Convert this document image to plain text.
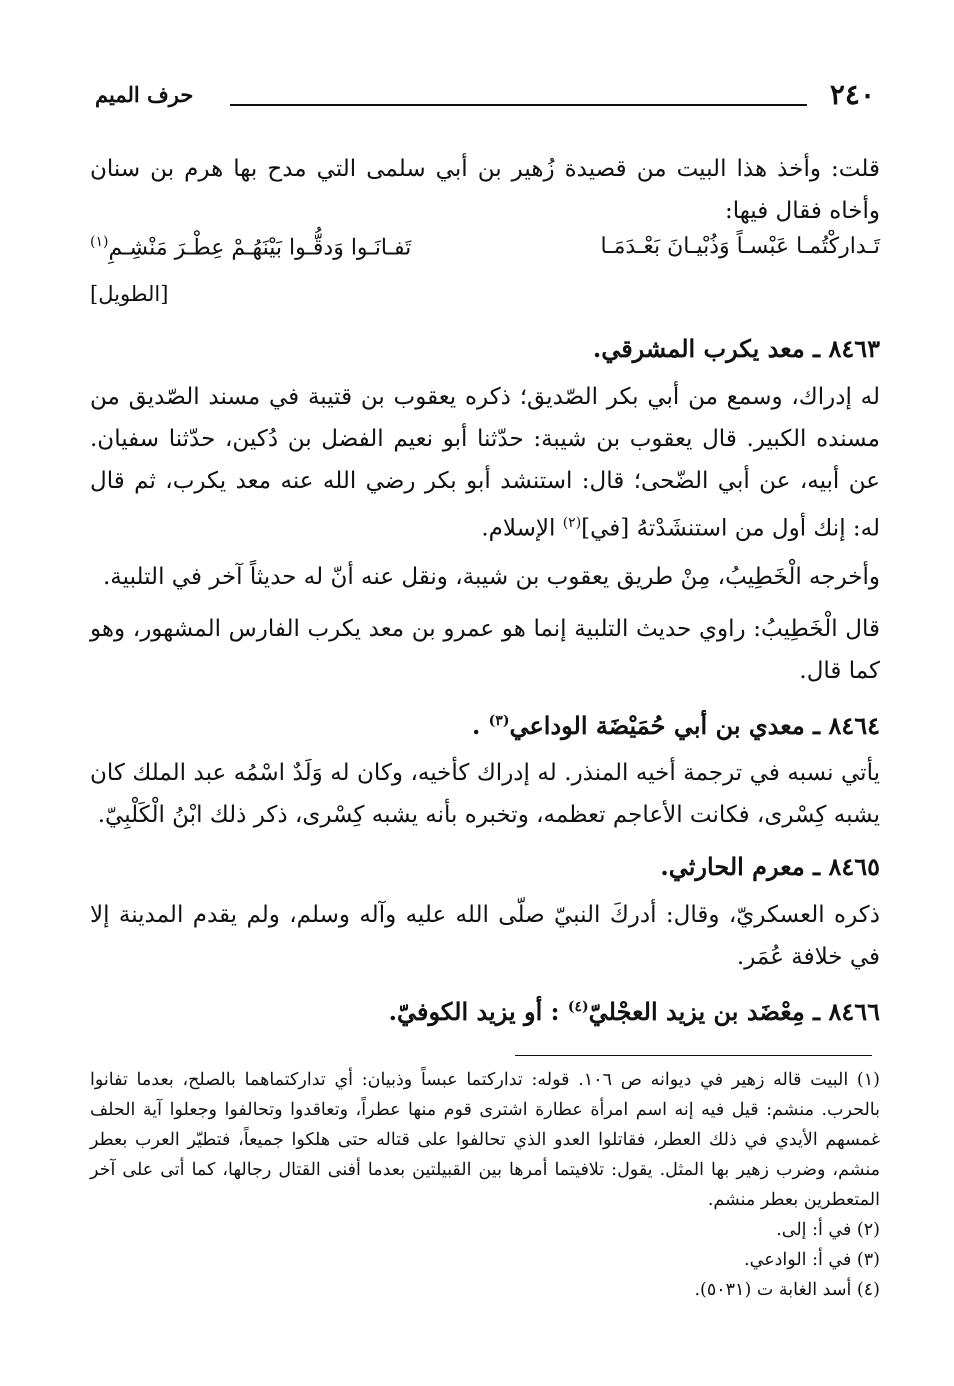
٢٤٠
حرف الميم

قلت: وأخذ هذا البيت من قصيدة زُهير بن أبي سلمى التي مدح بها هرم بن سنان وأخاه فقال فيها:

تَـداركْتُمـا عَبْسـاً وَذُبْيـانَ بَعْـدَمَـا
تَفـانَـوا وَدقُّـوا بَيْنَهُـمْ عِطْـرَ مَنْشِـمِ$^{(١)}$
[الطويل]

٨٤٦٣ ـ معد يكرب المشرقي.

له إدراك، وسمع من أبي بكر الصّديق؛ ذكره يعقوب بن قتيبة في مسند الصّديق من مسنده الكبير. قال يعقوب بن شيبة: حدّثنا أبو نعيم الفضل بن دُكين، حدّثنا سفيان. عن أبيه، عن أبي الضّحى؛ قال: استنشد أبو بكر رضي الله عنه معد يكرب، ثم قال له: إنك أول من استنشَدْتهُ [في]$^{(٢)}$ الإسلام.

وأخرجه الْخَطِيبُ، مِنْ طريق يعقوب بن شيبة، ونقل عنه أنّ له حديثاً آخر في التلبية.

قال الْخَطِيبُ: راوي حديث التلبية إنما هو عمرو بن معد يكرب الفارس المشهور، وهو كما قال.

٨٤٦٤ ـ معدي بن أبي حُمَيْضَة الوداعي$^{(٣)}$ .

يأتي نسبه في ترجمة أخيه المنذر. له إدراك كأخيه، وكان له وَلَدٌ اسْمُه عبد الملك كان يشبه كِسْرى، فكانت الأعاجم تعظمه، وتخبره بأنه يشبه كِسْرى، ذكر ذلك ابْنُ الْكَلْبِيّ.

٨٤٦٥ ـ معرم الحارثي.

ذكره العسكريّ، وقال: أدركَ النبيّ صلّى الله عليه وآله وسلم، ولم يقدم المدينة إلا في خلافة عُمَر.

٨٤٦٦ ـ مِعْضَد بن يزيد العجْليّ$^{(٤)}$ : أو يزيد الكوفيّ.

(١) البيت قاله زهير في ديوانه ص ١٠٦. قوله: تداركتما عبساً وذبيان: أي تداركتماهما بالصلح، بعدما تفانوا بالحرب. منشم: قيل فيه إنه اسم امرأة عطارة اشترى قوم منها عطراً، وتعاقدوا وتحالفوا وجعلوا آية الحلف غمسهم الأيدي في ذلك العطر، فقاتلوا العدو الذي تحالفوا على قتاله حتى هلكوا جميعاً، فتطيّر العرب بعطر منشم، وضرب زهير بها المثل. يقول: تلافيتما أمرها بين القبيلتين بعدما أفنى القتال رجالها، كما أتى على آخر المتعطرين بعطر منشم.

(٢) في أ: إلى.

(٣) في أ: الوادعي.

(٤) أسد الغابة ت (٥٠٣١).
